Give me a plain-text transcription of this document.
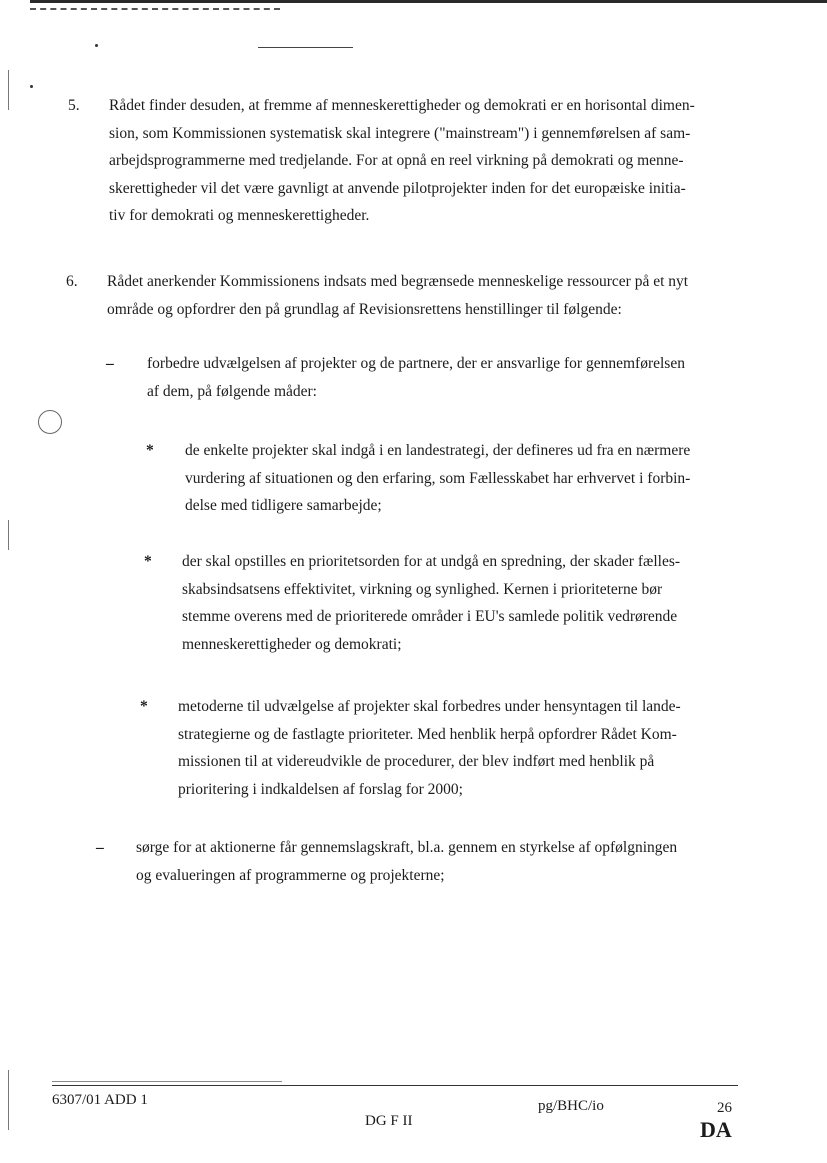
5. Rådet finder desuden, at fremme af menneskerettigheder og demokrati er en horisontal dimen-
sion, som Kommissionen systematisk skal integrere ("mainstream") i gennemførelsen af sam-
arbejdsprogrammerne med tredjelande. For at opnå en reel virkning på demokrati og menne-
skerettigheder vil det være gavnligt at anvende pilotprojekter inden for det europæiske initia-
tiv for demokrati og menneskerettigheder.
6. Rådet anerkender Kommissionens indsats med begrænsede menneskelige ressourcer på et nyt
område og opfordrer den på grundlag af Revisionsrettens henstillinger til følgende:
– forbedre udvælgelsen af projekter og de partnere, der er ansvarlige for gennemførelsen
af dem, på følgende måder:
* de enkelte projekter skal indgå i en landestrategi, der defineres ud fra en nærmere
vurdering af situationen og den erfaring, som Fællesskabet har erhvervet i forbin-
delse med tidligere samarbejde;
* der skal opstilles en prioritetsorden for at undgå en spredning, der skader fælles-
skabsindsatsens effektivitet, virkning og synlighed. Kernen i prioriteterne bør
stemme overens med de prioriterede områder i EU's samlede politik vedrørende
menneskerettigheder og demokrati;
* metoderne til udvælgelse af projekter skal forbedres under hensyntagen til lande-
strategierne og de fastlagte prioriteter. Med henblik herpå opfordrer Rådet Kom-
missionen til at videreudvikle de procedurer, der blev indført med henblik på
prioritering i indkaldelsen af forslag for 2000;
– sørge for at aktionerne får gennemslagskraft, bl.a. gennem en styrkelse af opfølgningen
og evalueringen af programmerne og projekterne;
6307/01 ADD 1
DG F II
pg/BHC/io	26
DA
